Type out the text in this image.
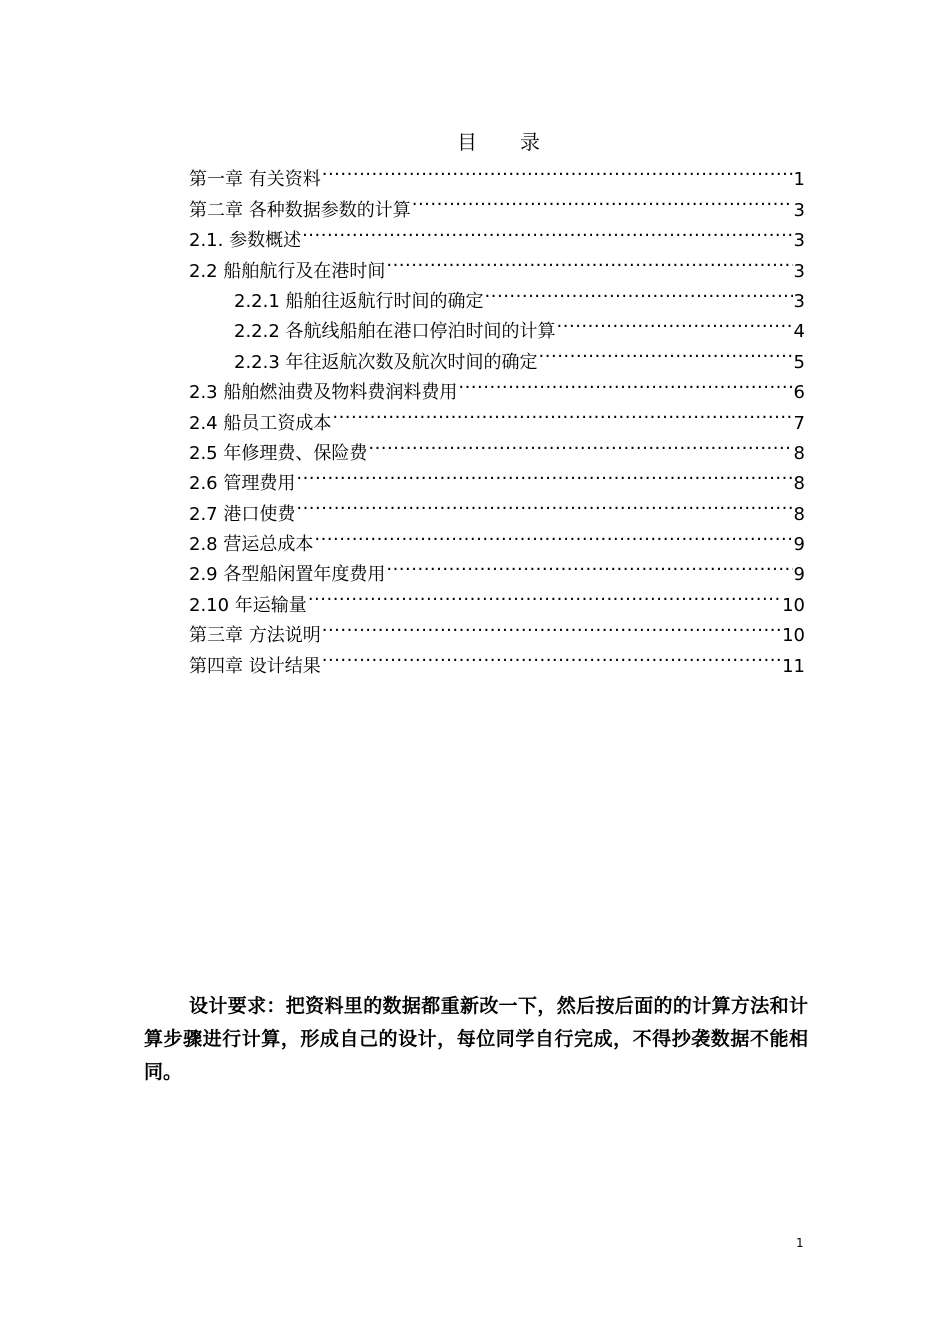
目 录
第一章 有关资料 .....	1
第二章 各种数据参数的计算 .....	3
2.1. 参数概述 .....	3
2.2 船舶航行及在港时间 .....	3
2.2.1 船舶往返航行时间的确定 .....	3
2.2.2 各航线船舶在港口停泊时间的计算 .....	4
2.2.3 年往返航次数及航次时间的确定 .....	5
2.3 船舶燃油费及物料费润料费用 .....	6
2.4 船员工资成本 .....	7
2.5 年修理费、保险费 .....	8
2.6 管理费用 .....	8
2.7 港口使费 .....	8
2.8 营运总成本 .....	9
2.9 各型船闲置年度费用 .....	9
2.10 年运输量 .....	10
第三章 方法说明 .....	10
第四章 设计结果 .....	11

设计要求：把资料里的数据都重新改一下，然后按后面的的计算方法和计算步骤进行计算，形成自己的设计，每位同学自行完成，不得抄袭数据不能相同。

1
